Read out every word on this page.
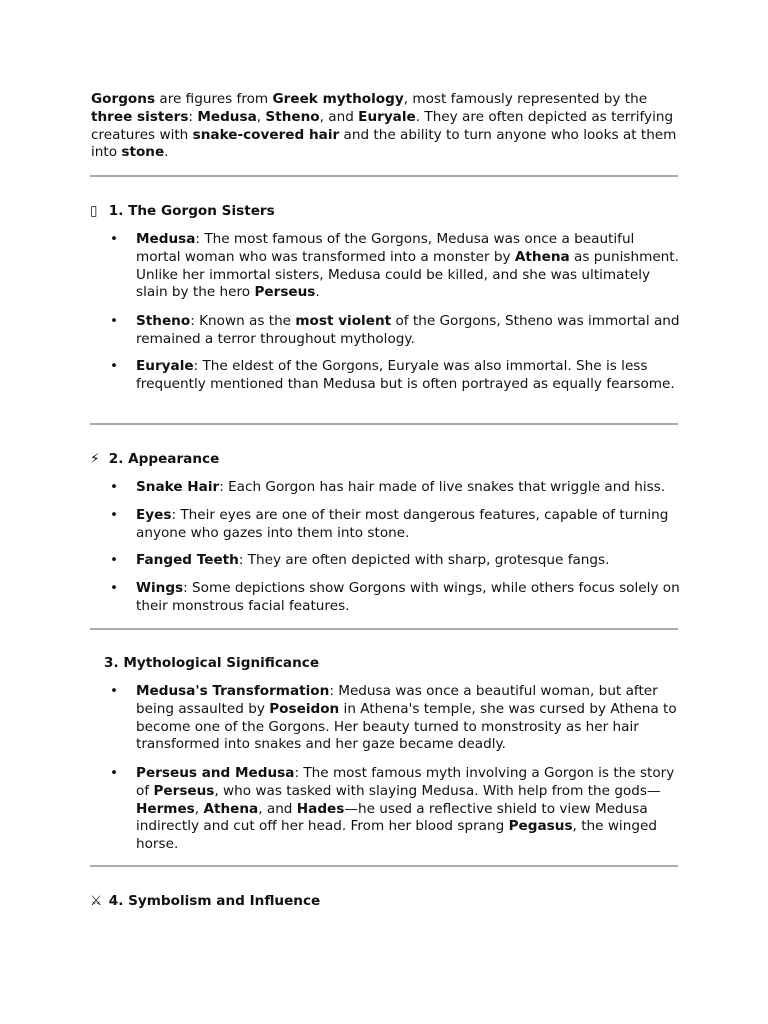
Gorgons are figures from Greek mythology, most famously represented by the three sisters: Medusa, Stheno, and Euryale. They are often depicted as terrifying creatures with snake-covered hair and the ability to turn anyone who looks at them into stone.

▯ 1. The Gorgon Sisters
• Medusa: The most famous of the Gorgons, Medusa was once a beautiful mortal woman who was transformed into a monster by Athena as punishment. Unlike her immortal sisters, Medusa could be killed, and she was ultimately slain by the hero Perseus.
• Stheno: Known as the most violent of the Gorgons, Stheno was immortal and remained a terror throughout mythology.
• Euryale: The eldest of the Gorgons, Euryale was also immortal. She is less frequently mentioned than Medusa but is often portrayed as equally fearsome.
⚡ 2. Appearance
• Snake Hair: Each Gorgon has hair made of live snakes that wriggle and hiss.
• Eyes: Their eyes are one of their most dangerous features, capable of turning anyone who gazes into them into stone.
• Fanged Teeth: They are often depicted with sharp, grotesque fangs.
• Wings: Some depictions show Gorgons with wings, while others focus solely on their monstrous facial features.
3. Mythological Significance
• Medusa's Transformation: Medusa was once a beautiful woman, but after being assaulted by Poseidon in Athena's temple, she was cursed by Athena to become one of the Gorgons. Her beauty turned to monstrosity as her hair transformed into snakes and her gaze became deadly.
• Perseus and Medusa: The most famous myth involving a Gorgon is the story of Perseus, who was tasked with slaying Medusa. With help from the gods—Hermes, Athena, and Hades—he used a reflective shield to view Medusa indirectly and cut off her head. From her blood sprang Pegasus, the winged horse.
⚔ 4. Symbolism and Influence
